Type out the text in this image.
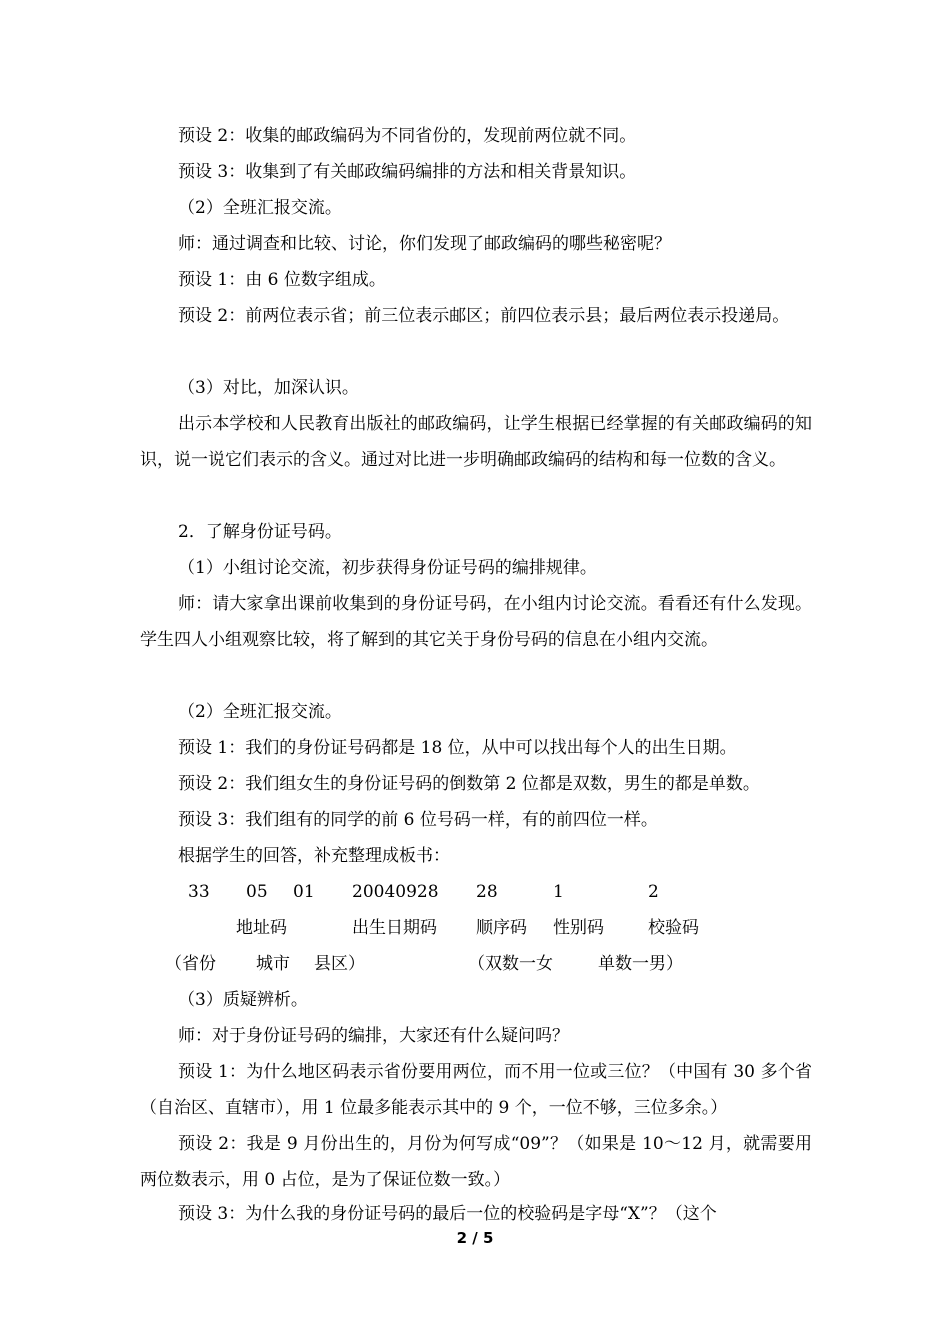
预设 2：收集的邮政编码为不同省份的，发现前两位就不同。
预设 3：收集到了有关邮政编码编排的方法和相关背景知识。
（2）全班汇报交流。
师：通过调查和比较、讨论，你们发现了邮政编码的哪些秘密呢？
预设 1：由 6 位数字组成。
预设 2：前两位表示省；前三位表示邮区；前四位表示县；最后两位表示投递局。
（3）对比，加深认识。
出示本学校和人民教育出版社的邮政编码，让学生根据已经掌握的有关邮政编码的知识，说一说它们表示的含义。通过对比进一步明确邮政编码的结构和每一位数的含义。
2．了解身份证号码。
（1）小组讨论交流，初步获得身份证号码的编排规律。
师：请大家拿出课前收集到的身份证号码，在小组内讨论交流。看看还有什么发现。学生四人小组观察比较，将了解到的其它关于身份号码的信息在小组内交流。
（2）全班汇报交流。
预设 1：我们的身份证号码都是 18 位，从中可以找出每个人的出生日期。
预设 2：我们组女生的身份证号码的倒数第 2 位都是双数，男生的都是单数。
预设 3：我们组有的同学的前 6 位号码一样，有的前四位一样。
根据学生的回答，补充整理成板书：
33 05 01 20040928 28	1	2
地址码	出生日期码 顺序码 性别码	校验码
（省份 城市 县区）	（双数一女	单数一男）
（3）质疑辨析。
师：对于身份证号码的编排，大家还有什么疑问吗？
预设 1：为什么地区码表示省份要用两位，而不用一位或三位？（中国有 30 多个省（自治区、直辖市），用 1 位最多能表示其中的 9 个，一位不够，三位多余。）
预设 2：我是 9 月份出生的，月份为何写成“09”？（如果是 10～12 月，就需要用两位数表示，用 0 占位，是为了保证位数一致。）
预设 3：为什么我的身份证号码的最后一位的校验码是字母“X”？（这个
2 / 5
